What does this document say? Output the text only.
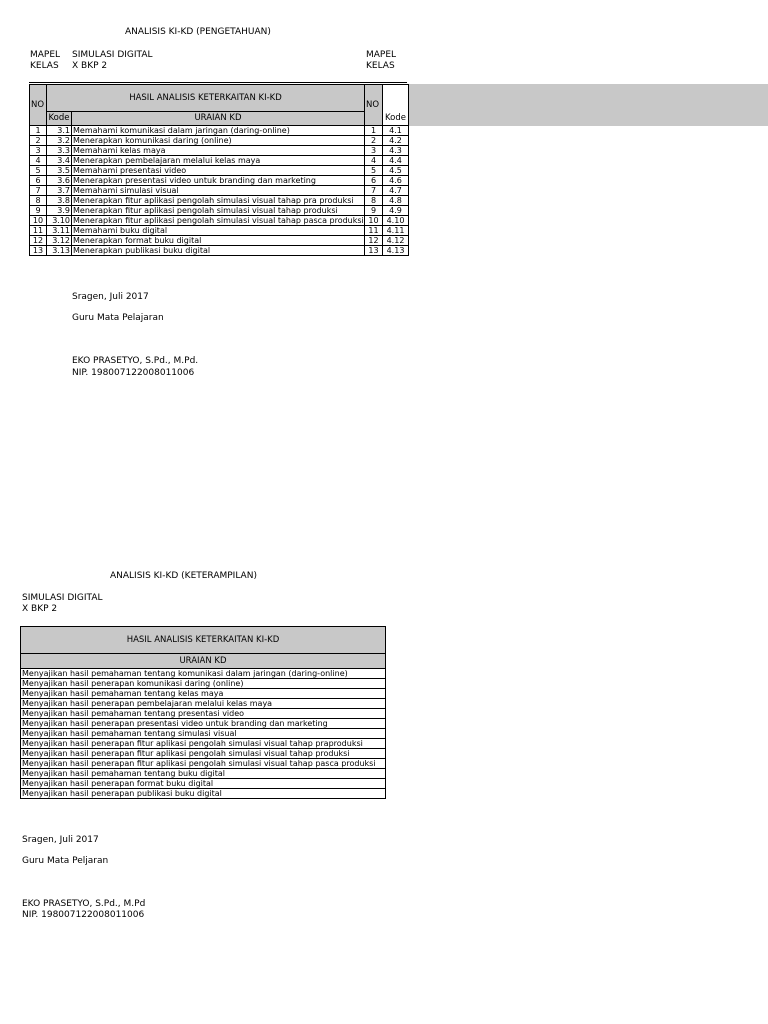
ANALISIS KI-KD (PENGETAHUAN)
MAPEL
KELAS
SIMULASI DIGITAL
X BKP 2
MAPEL
KELAS
NO	HASIL ANALISIS KETERKAITAN KI-KD		NO	
	Kode	URAIAN KD		Kode
1	3.1	Memahami komunikasi dalam jaringan (daring-online)	1	4.1
2	3.2	Menerapkan komunikasi daring (online)	2	4.2
3	3.3	Memahami kelas maya	3	4.3
4	3.4	Menerapkan pembelajaran melalui kelas maya	4	4.4
5	3.5	Memahami presentasi video	5	4.5
6	3.6	Menerapkan presentasi video untuk branding dan marketing	6	4.6
7	3.7	Memahami simulasi visual	7	4.7
8	3.8	Menerapkan fitur aplikasi pengolah simulasi visual tahap pra produksi	8	4.8
9	3.9	Menerapkan fitur aplikasi pengolah simulasi visual tahap produksi	9	4.9
10	3.10	Menerapkan fitur aplikasi pengolah simulasi visual tahap pasca produksi	10	4.10
11	3.11	Memahami buku digital	11	4.11
12	3.12	Menerapkan format buku digital	12	4.12
13	3.13	Menerapkan publikasi buku digital	13	4.13
Sragen, Juli 2017
Guru Mata Pelajaran
EKO PRASETYO, S.Pd., M.Pd.
NIP. 198007122008011006
ANALISIS KI-KD (KETERAMPILAN)
SIMULASI DIGITAL
X BKP 2
HASIL ANALISIS KETERKAITAN KI-KD
URAIAN KD
Menyajikan hasil pemahaman tentang komunikasi dalam jaringan (daring-online)
Menyajikan hasil penerapan komunikasi daring (online)
Menyajikan hasil pemahaman tentang kelas maya
Menyajikan hasil penerapan pembelajaran melalui kelas maya
Menyajikan hasil pemahaman tentang presentasi video
Menyajikan hasil penerapan presentasi video untuk branding dan marketing
Menyajikan hasil pemahaman tentang simulasi visual
Menyajikan hasil penerapan fitur aplikasi pengolah simulasi visual tahap praproduksi
Menyajikan hasil penerapan fitur aplikasi pengolah simulasi visual tahap produksi
Menyajikan hasil penerapan fitur aplikasi pengolah simulasi visual tahap pasca produksi
Menyajikan hasil pemahaman tentang buku digital
Menyajikan hasil penerapan format buku digital
Menyajikan hasil penerapan publikasi buku digital
Sragen, Juli 2017
Guru Mata Peljaran
EKO PRASETYO, S.Pd., M.Pd
NIP. 198007122008011006
